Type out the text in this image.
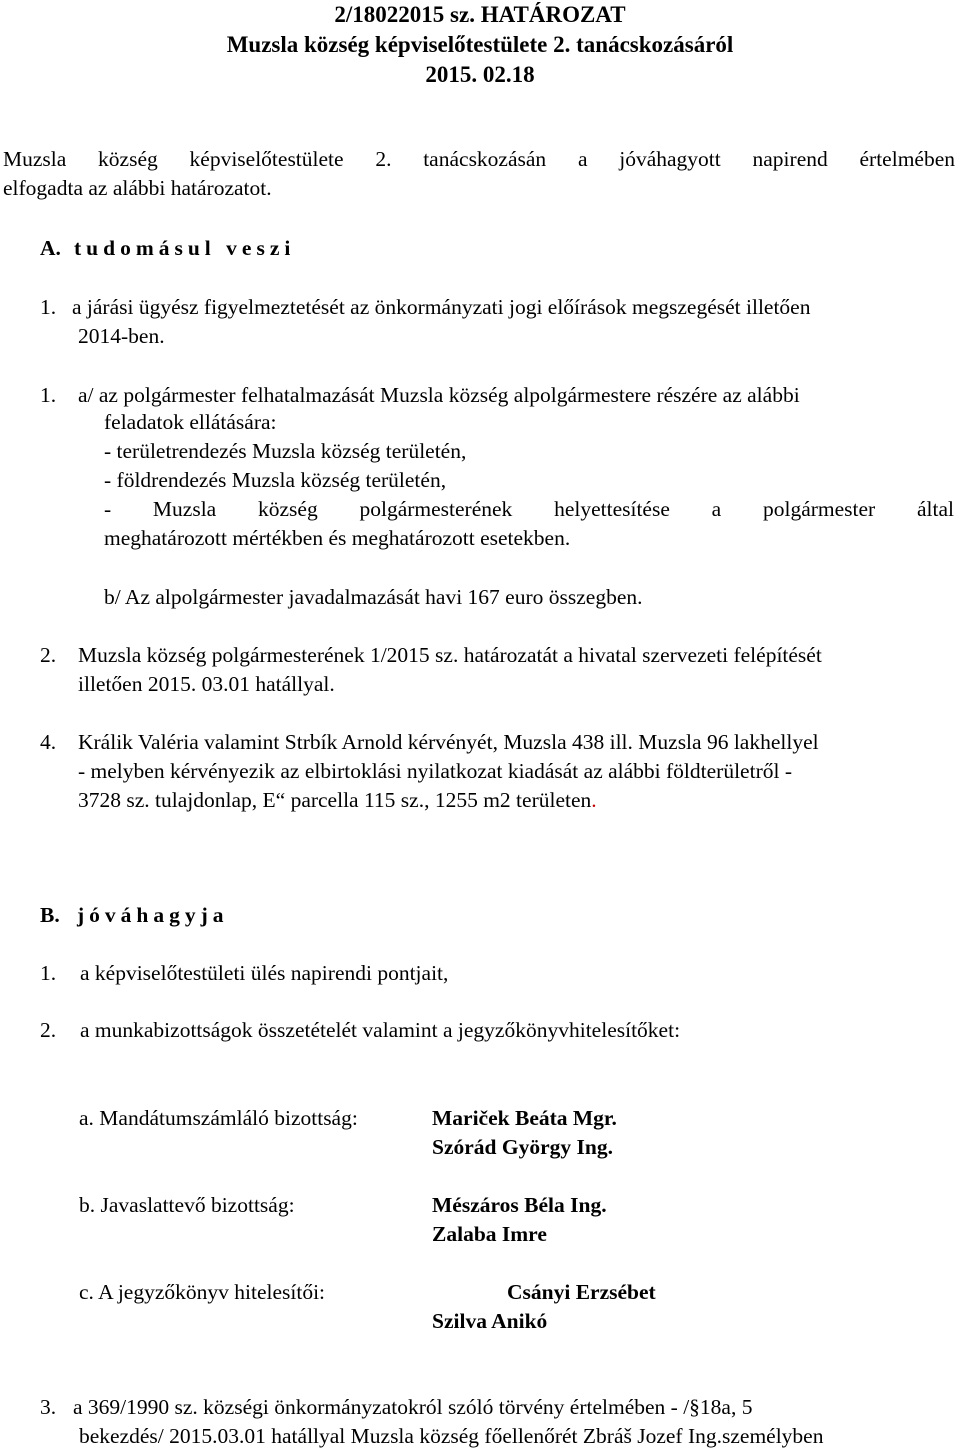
2/18022015 sz. HATÁROZAT
Muzsla község képviselőtestülete 2. tanácskozásáról
2015. 02.18
Muzsla község képviselőtestülete 2. tanácskozásán a jóváhagyott napirend értelmében
elfogadta az alábbi határozatot.
A. tudomásul veszi
1. a járási ügyész figyelmeztetését az önkormányzati jogi előírások megszegését illetően
2014-ben.
1. a/ az polgármester felhatalmazását Muzsla község alpolgármestere részére az alábbi
feladatok ellátására:
- területrendezés Muzsla község területén,
- földrendezés Muzsla község területén,
- Muzsla község polgármesterének helyettesítése a polgármester által
meghatározott mértékben és meghatározott esetekben.
b/ Az alpolgármester javadalmazását havi 167 euro összegben.
2. Muzsla község polgármesterének 1/2015 sz. határozatát a hivatal szervezeti felépítését
illetően 2015. 03.01 hatállyal.
4. Králik Valéria valamint Strbík Arnold kérvényét, Muzsla 438 ill. Muzsla 96 lakhellyel
- melyben kérvényezik az elbirtoklási nyilatkozat kiadását az alábbi földterületről -
3728 sz. tulajdonlap, E“ parcella 115 sz., 1255 m2 területen.
B. jóváhagyja
1. a képviselőtestületi ülés napirendi pontjait,
2. a munkabizottságok összetételét valamint a jegyzőkönyvhitelesítőket:
a. Mandátumszámláló bizottság:	Mariček Beáta Mgr.
Szórád György Ing.
b. Javaslattevő bizottság:	Mészáros Béla Ing.
Zalaba Imre
c. A jegyzőkönyv hitelesítői:	Csányi Erzsébet
Szilva Anikó
3. a 369/1990 sz. községi önkormányzatokról szóló törvény értelmében - /§18a, 5
bekezdés/ 2015.03.01 hatállyal Muzsla község főellenőrét Zbráš Jozef Ing.személyben
